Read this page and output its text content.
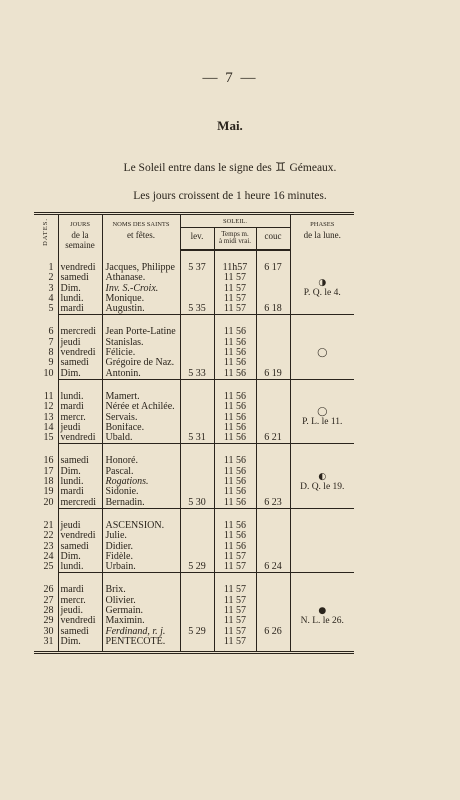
— 7 —
Mai.
Le Soleil entre dans le signe des ♊ Gémeaux.
Les jours croissent de 1 heure 16 minutes.
DATES.	JOURS
de la
semaine	NOMS DES SAINTS
et fêtes.	SOLEIL.			PHASES
de la lune.
			lev.	Temps m.
à midi vrai.	couc	

1	vendredi	Jacques, Philippe	5 37	11h57	6 17	◑
P. Q. le 4.
2	samedi	Athanase.		11 57		
3	Dim.	Inv. S.-Croix.		11 57		
4	lundi.	Monique.		11 57		
5	mardi	Augustin.	5 35	11 57	6 18	

6	mercredi	Jean Porte-Latine		11 56		◯

7	jeudi	Stanislas.		11 56		
8	vendredi	Félicie.		11 56		
9	samedi	Grégoire de Naz.		11 56		
10	Dim.	Antonin.	5 33	11 56	6 19	

11	lundi.	Mamert.		11 56		◯
P. L. le 11.
12	mardi	Nérée et Achilée.		11 56		
13	mercr.	Servais.		11 56		
14	jeudi	Boniface.		11 56		
15	vendredi	Ubald.	5 31	11 56	6 21	

16	samedi	Honoré.		11 56		◐
D. Q. le 19.
17	Dim.	Pascal.		11 56		
18	lundi.	Rogations.		11 56		
19	mardi	Sidonie.		11 56		
20	mercredi	Bernadin.	5 30	11 56	6 23	

21	jeudi	ASCENSION.		11 56		
22	vendredi	Julie.		11 56		
23	samedi	Didier.		11 56		
24	Dim.	Fidèle.		11 57		
25	lundi.	Urbain.	5 29	11 57	6 24	

26	mardi	Brix.		11 57		●
N. L. le 26.
27	mercr.	Olivier.		11 57		
28	jeudi.	Germain.		11 57		
29	vendredi	Maximin.		11 57		
30	samedi	Ferdinand, r. j.	5 29	11 57	6 26	
31	Dim.	PENTECOTE.		11 57		
